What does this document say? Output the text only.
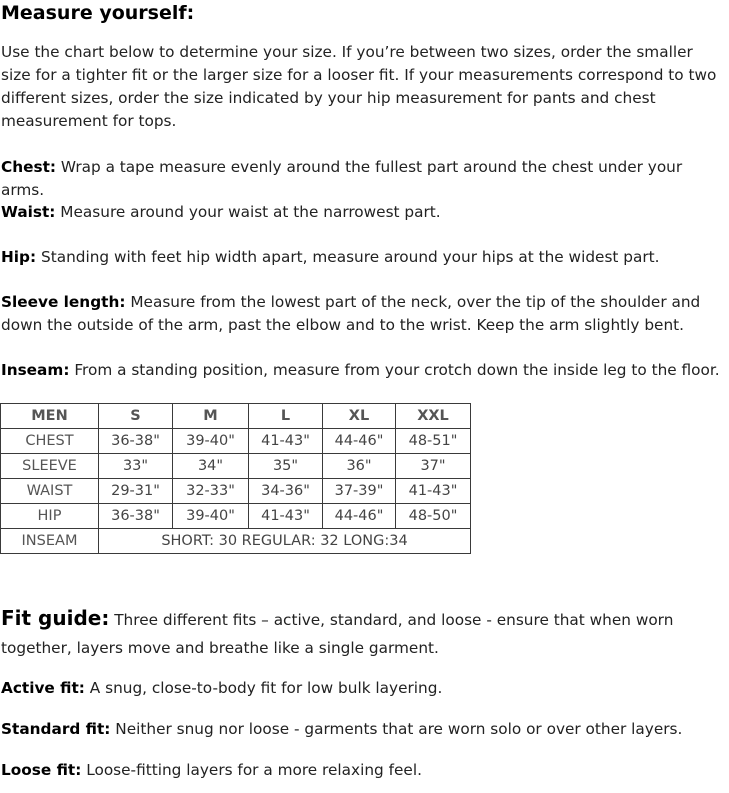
Measure yourself:

Use the chart below to determine your size. If you’re between two sizes, order the smaller size for a tighter fit or the larger size for a looser fit. If your measurements correspond to two different sizes, order the size indicated by your hip measurement for pants and chest measurement for tops.

Chest: Wrap a tape measure evenly around the fullest part around the chest under your arms.

Waist: Measure around your waist at the narrowest part.

Hip: Standing with feet hip width apart, measure around your hips at the widest part.

Sleeve length: Measure from the lowest part of the neck, over the tip of the shoulder and down the outside of the arm, past the elbow and to the wrist. Keep the arm slightly bent.

Inseam: From a standing position, measure from your crotch down the inside leg to the floor.

MEN	S	M	L	XL	XXL
CHEST	36-38"	39-40"	41-43"	44-46"	48-51"
SLEEVE	33"	34"	35"	36"	37"
WAIST	29-31"	32-33"	34-36"	37-39"	41-43"
HIP	36-38"	39-40"	41-43"	44-46"	48-50"
INSEAM	SHORT: 30 REGULAR: 32 LONG:34				

Fit guide: Three different fits – active, standard, and loose - ensure that when worn together, layers move and breathe like a single garment.

Active fit: A snug, close-to-body fit for low bulk layering.

Standard fit: Neither snug nor loose - garments that are worn solo or over other layers.

Loose fit: Loose-fitting layers for a more relaxing feel.
